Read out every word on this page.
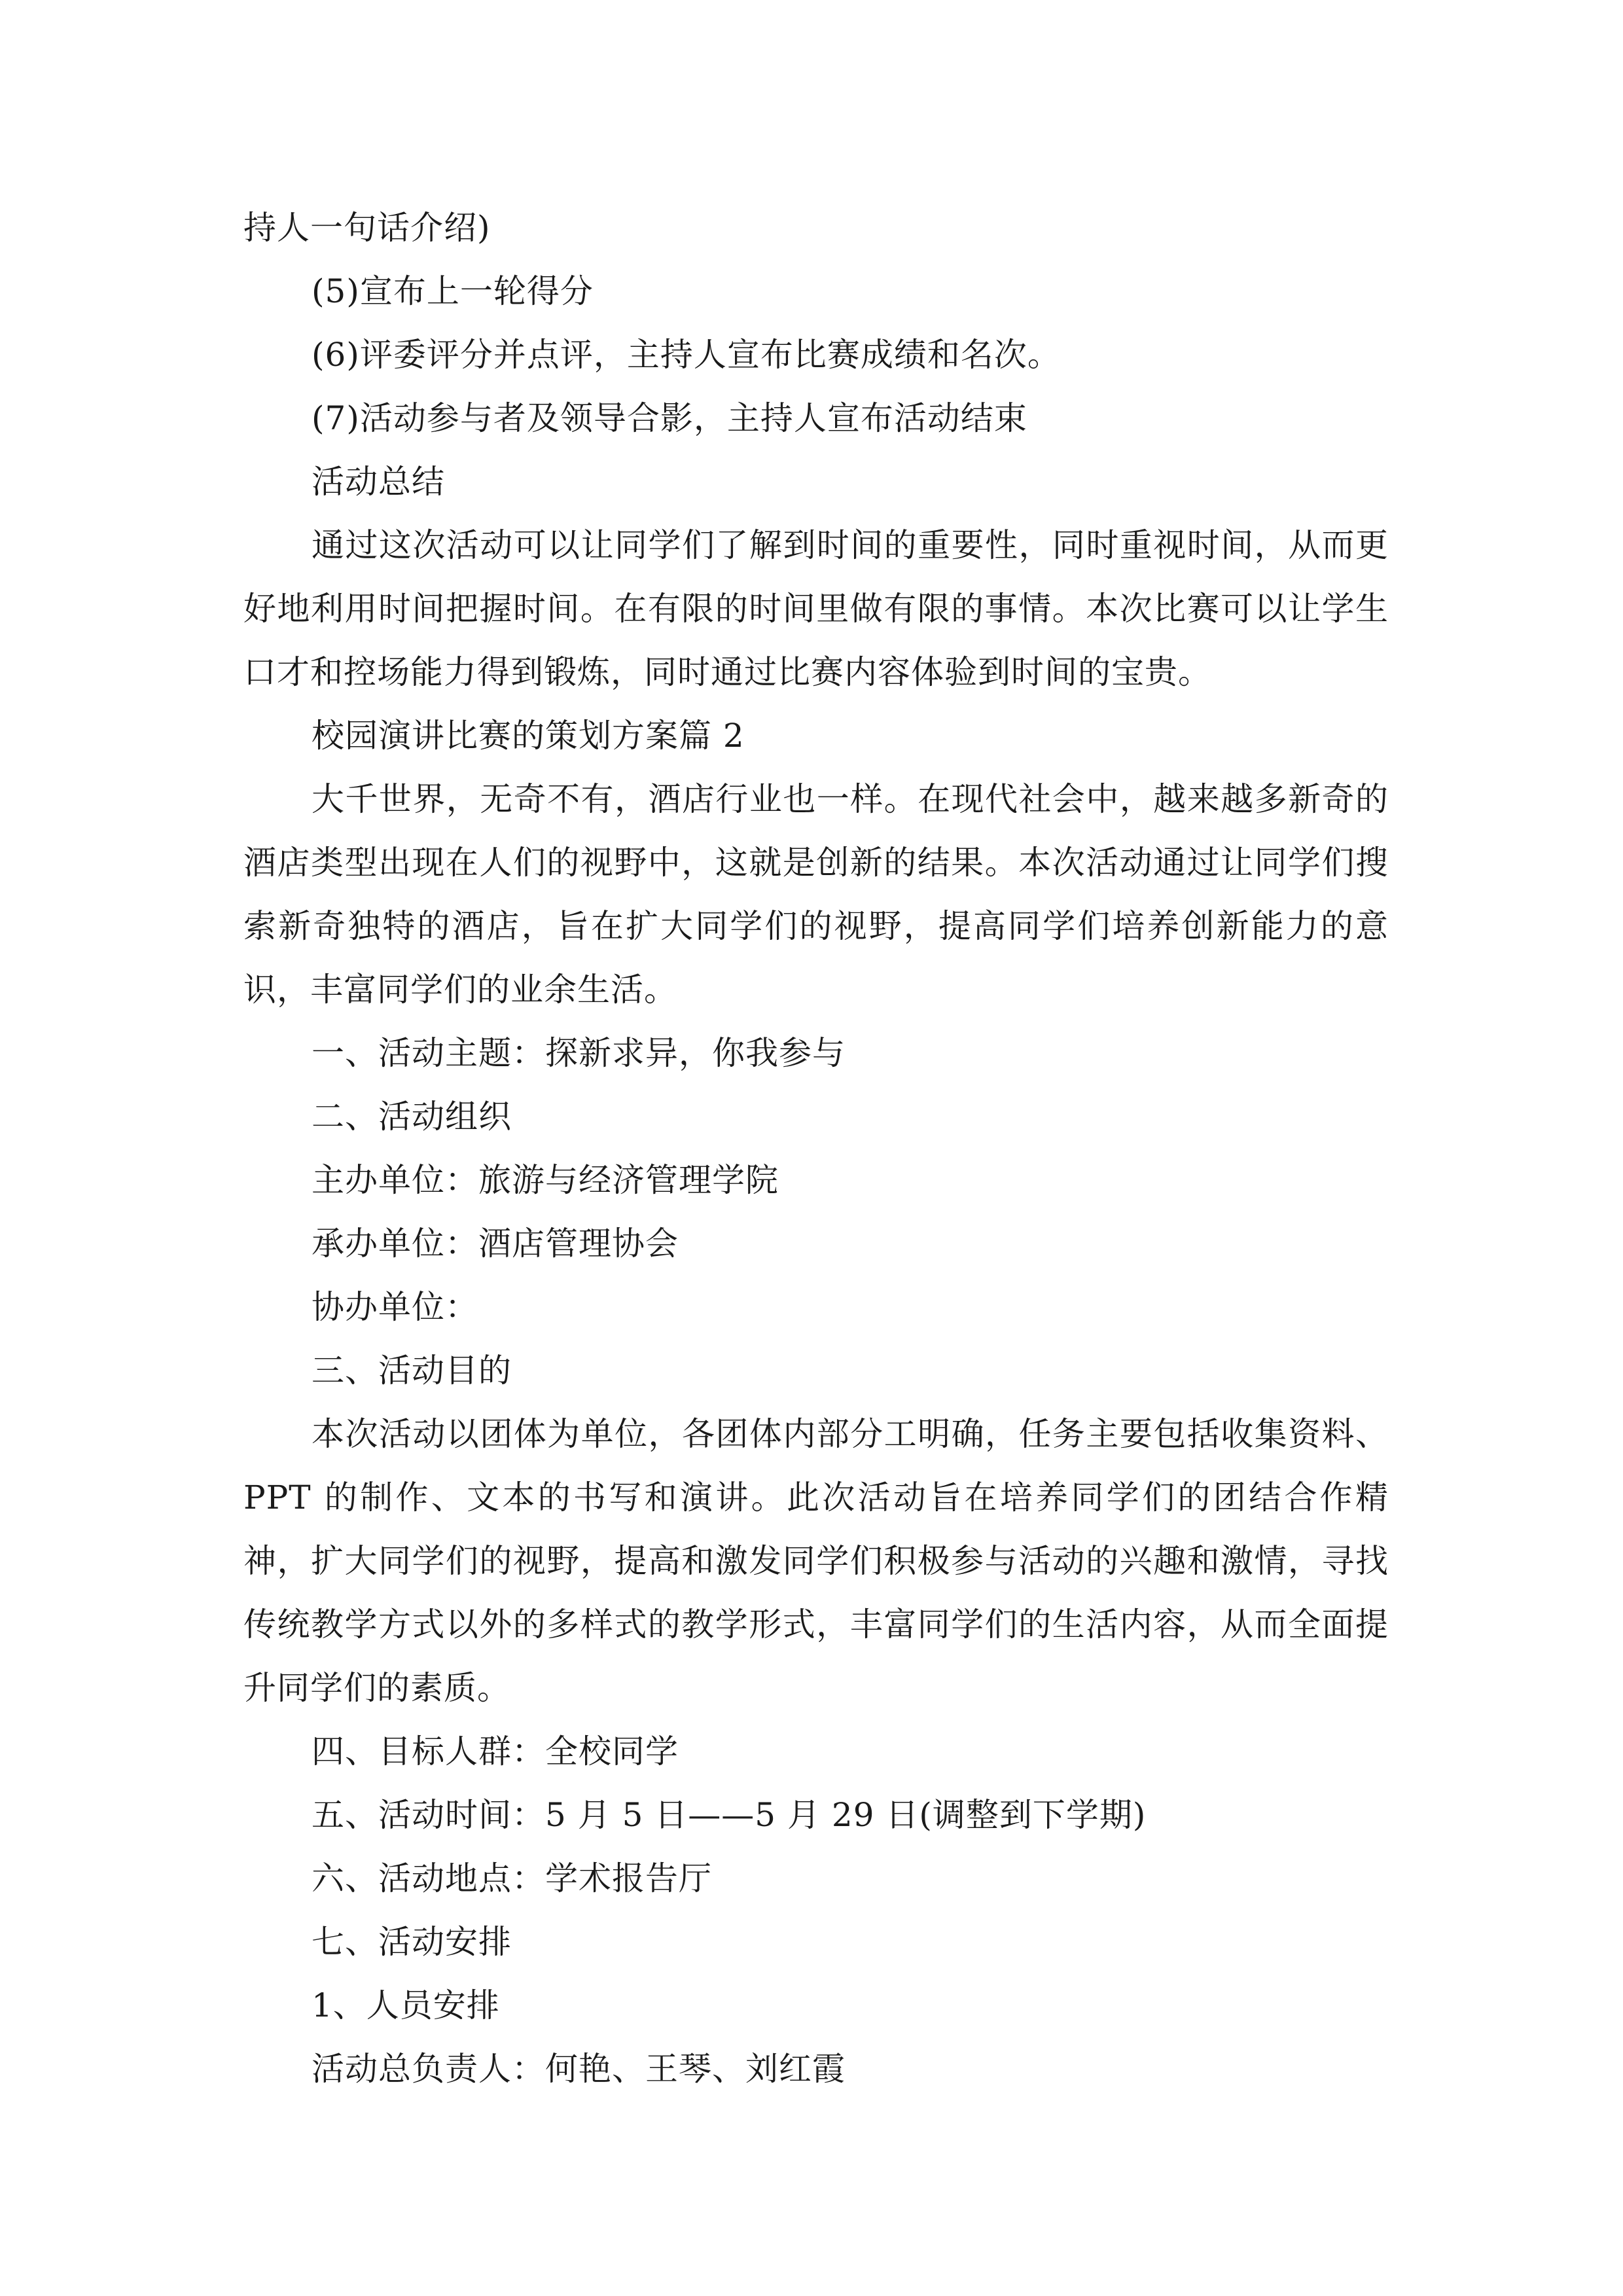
持人一句话介绍)

(5)宣布上一轮得分

(6)评委评分并点评，主持人宣布比赛成绩和名次。

(7)活动参与者及领导合影，主持人宣布活动结束

活动总结

通过这次活动可以让同学们了解到时间的重要性，同时重视时间，从而更好地利用时间把握时间。在有限的时间里做有限的事情。本次比赛可以让学生口才和控场能力得到锻炼，同时通过比赛内容体验到时间的宝贵。

校园演讲比赛的策划方案篇 2

大千世界，无奇不有，酒店行业也一样。在现代社会中，越来越多新奇的酒店类型出现在人们的视野中，这就是创新的结果。本次活动通过让同学们搜索新奇独特的酒店，旨在扩大同学们的视野，提高同学们培养创新能力的意识，丰富同学们的业余生活。

一、活动主题：探新求异，你我参与

二、活动组织

主办单位：旅游与经济管理学院

承办单位：酒店管理协会

协办单位：

三、活动目的

本次活动以团体为单位，各团体内部分工明确，任务主要包括收集资料、PPT 的制作、文本的书写和演讲。此次活动旨在培养同学们的团结合作精神，扩大同学们的视野，提高和激发同学们积极参与活动的兴趣和激情，寻找传统教学方式以外的多样式的教学形式，丰富同学们的生活内容，从而全面提升同学们的素质。

四、目标人群：全校同学

五、活动时间：5 月 5 日——5 月 29 日(调整到下学期)

六、活动地点：学术报告厅

七、活动安排

1、人员安排

活动总负责人：何艳、王琴、刘红霞
